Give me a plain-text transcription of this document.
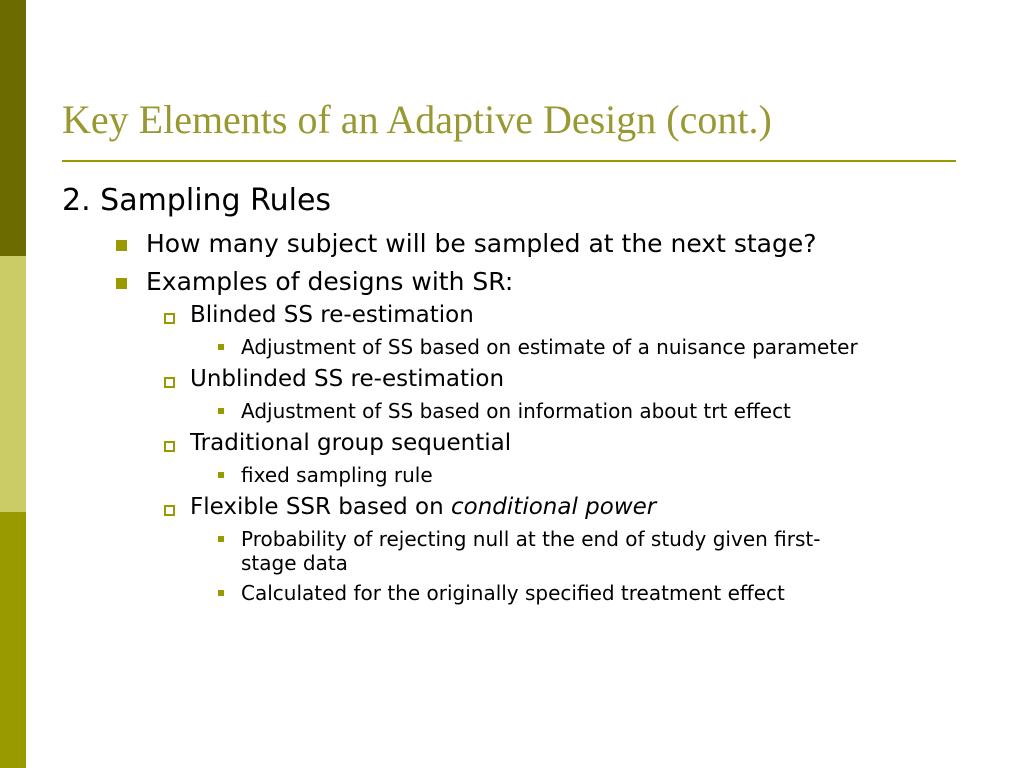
Key Elements of an Adaptive Design (cont.)
2. Sampling Rules
How many subject will be sampled at the next stage?
Examples of designs with SR:
Blinded SS re-estimation
Adjustment of SS based on estimate of a nuisance parameter
Unblinded SS re-estimation
Adjustment of SS based on information about trt effect
Traditional group sequential
fixed sampling rule
Flexible SSR based on conditional power
Probability of rejecting null at the end of study given first-
stage data
Calculated for the originally specified treatment effect
